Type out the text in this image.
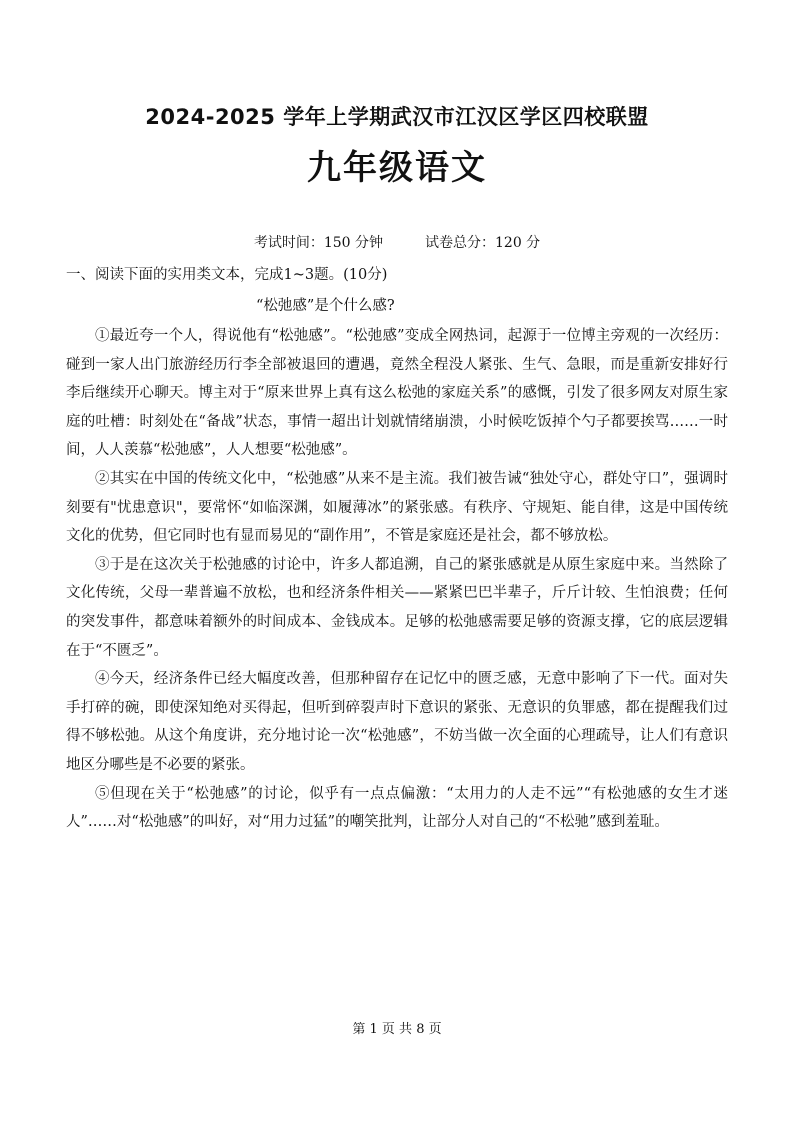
2024-2025 学年上学期武汉市江汉区学区四校联盟
九年级语文
考试时间：150 分钟	试卷总分：120 分
一、阅读下面的实用类文本，完成1~3题。(10分)
“松弛感”是个什么感?

①最近夸一个人，得说他有“松弛感”。“松弛感”变成全网热词，起源于一位博主旁观的一次经历：碰到一家人出门旅游经历行李全部被退回的遭遇，竟然全程没人紧张、生气、急眼，而是重新安排好行李后继续开心聊天。博主对于“原来世界上真有这么松弛的家庭关系”的感慨，引发了很多网友对原生家庭的吐槽：时刻处在“备战”状态，事情一超出计划就情绪崩溃，小时候吃饭掉个勺子都要挨骂……一时间，人人羡慕“松弛感”，人人想要“松弛感”。

②其实在中国的传统文化中，“松弛感”从来不是主流。我们被告诫“独处守心，群处守口”，强调时刻要有"忧患意识"，要常怀“如临深渊，如履薄冰”的紧张感。有秩序、守规矩、能自律，这是中国传统文化的优势，但它同时也有显而易见的“副作用”，不管是家庭还是社会，都不够放松。

③于是在这次关于松弛感的讨论中，许多人都追溯，自己的紧张感就是从原生家庭中来。当然除了文化传统，父母一辈普遍不放松，也和经济条件相关——紧紧巴巴半辈子，斤斤计较、生怕浪费；任何的突发事件，都意味着额外的时间成本、金钱成本。足够的松弛感需要足够的资源支撑，它的底层逻辑在于“不匮乏”。

④今天，经济条件已经大幅度改善，但那种留存在记忆中的匮乏感，无意中影响了下一代。面对失手打碎的碗，即使深知绝对买得起，但听到碎裂声时下意识的紧张、无意识的负罪感，都在提醒我们过得不够松弛。从这个角度讲，充分地讨论一次“松弛感”，不妨当做一次全面的心理疏导，让人们有意识地区分哪些是不必要的紧张。

⑤但现在关于“松弛感”的讨论，似乎有一点点偏激：“太用力的人走不远”“有松弛感的女生才迷人”……对“松弛感”的叫好，对“用力过猛”的嘲笑批判，让部分人对自己的“不松驰”感到羞耻。

第 1 页 共 8 页
